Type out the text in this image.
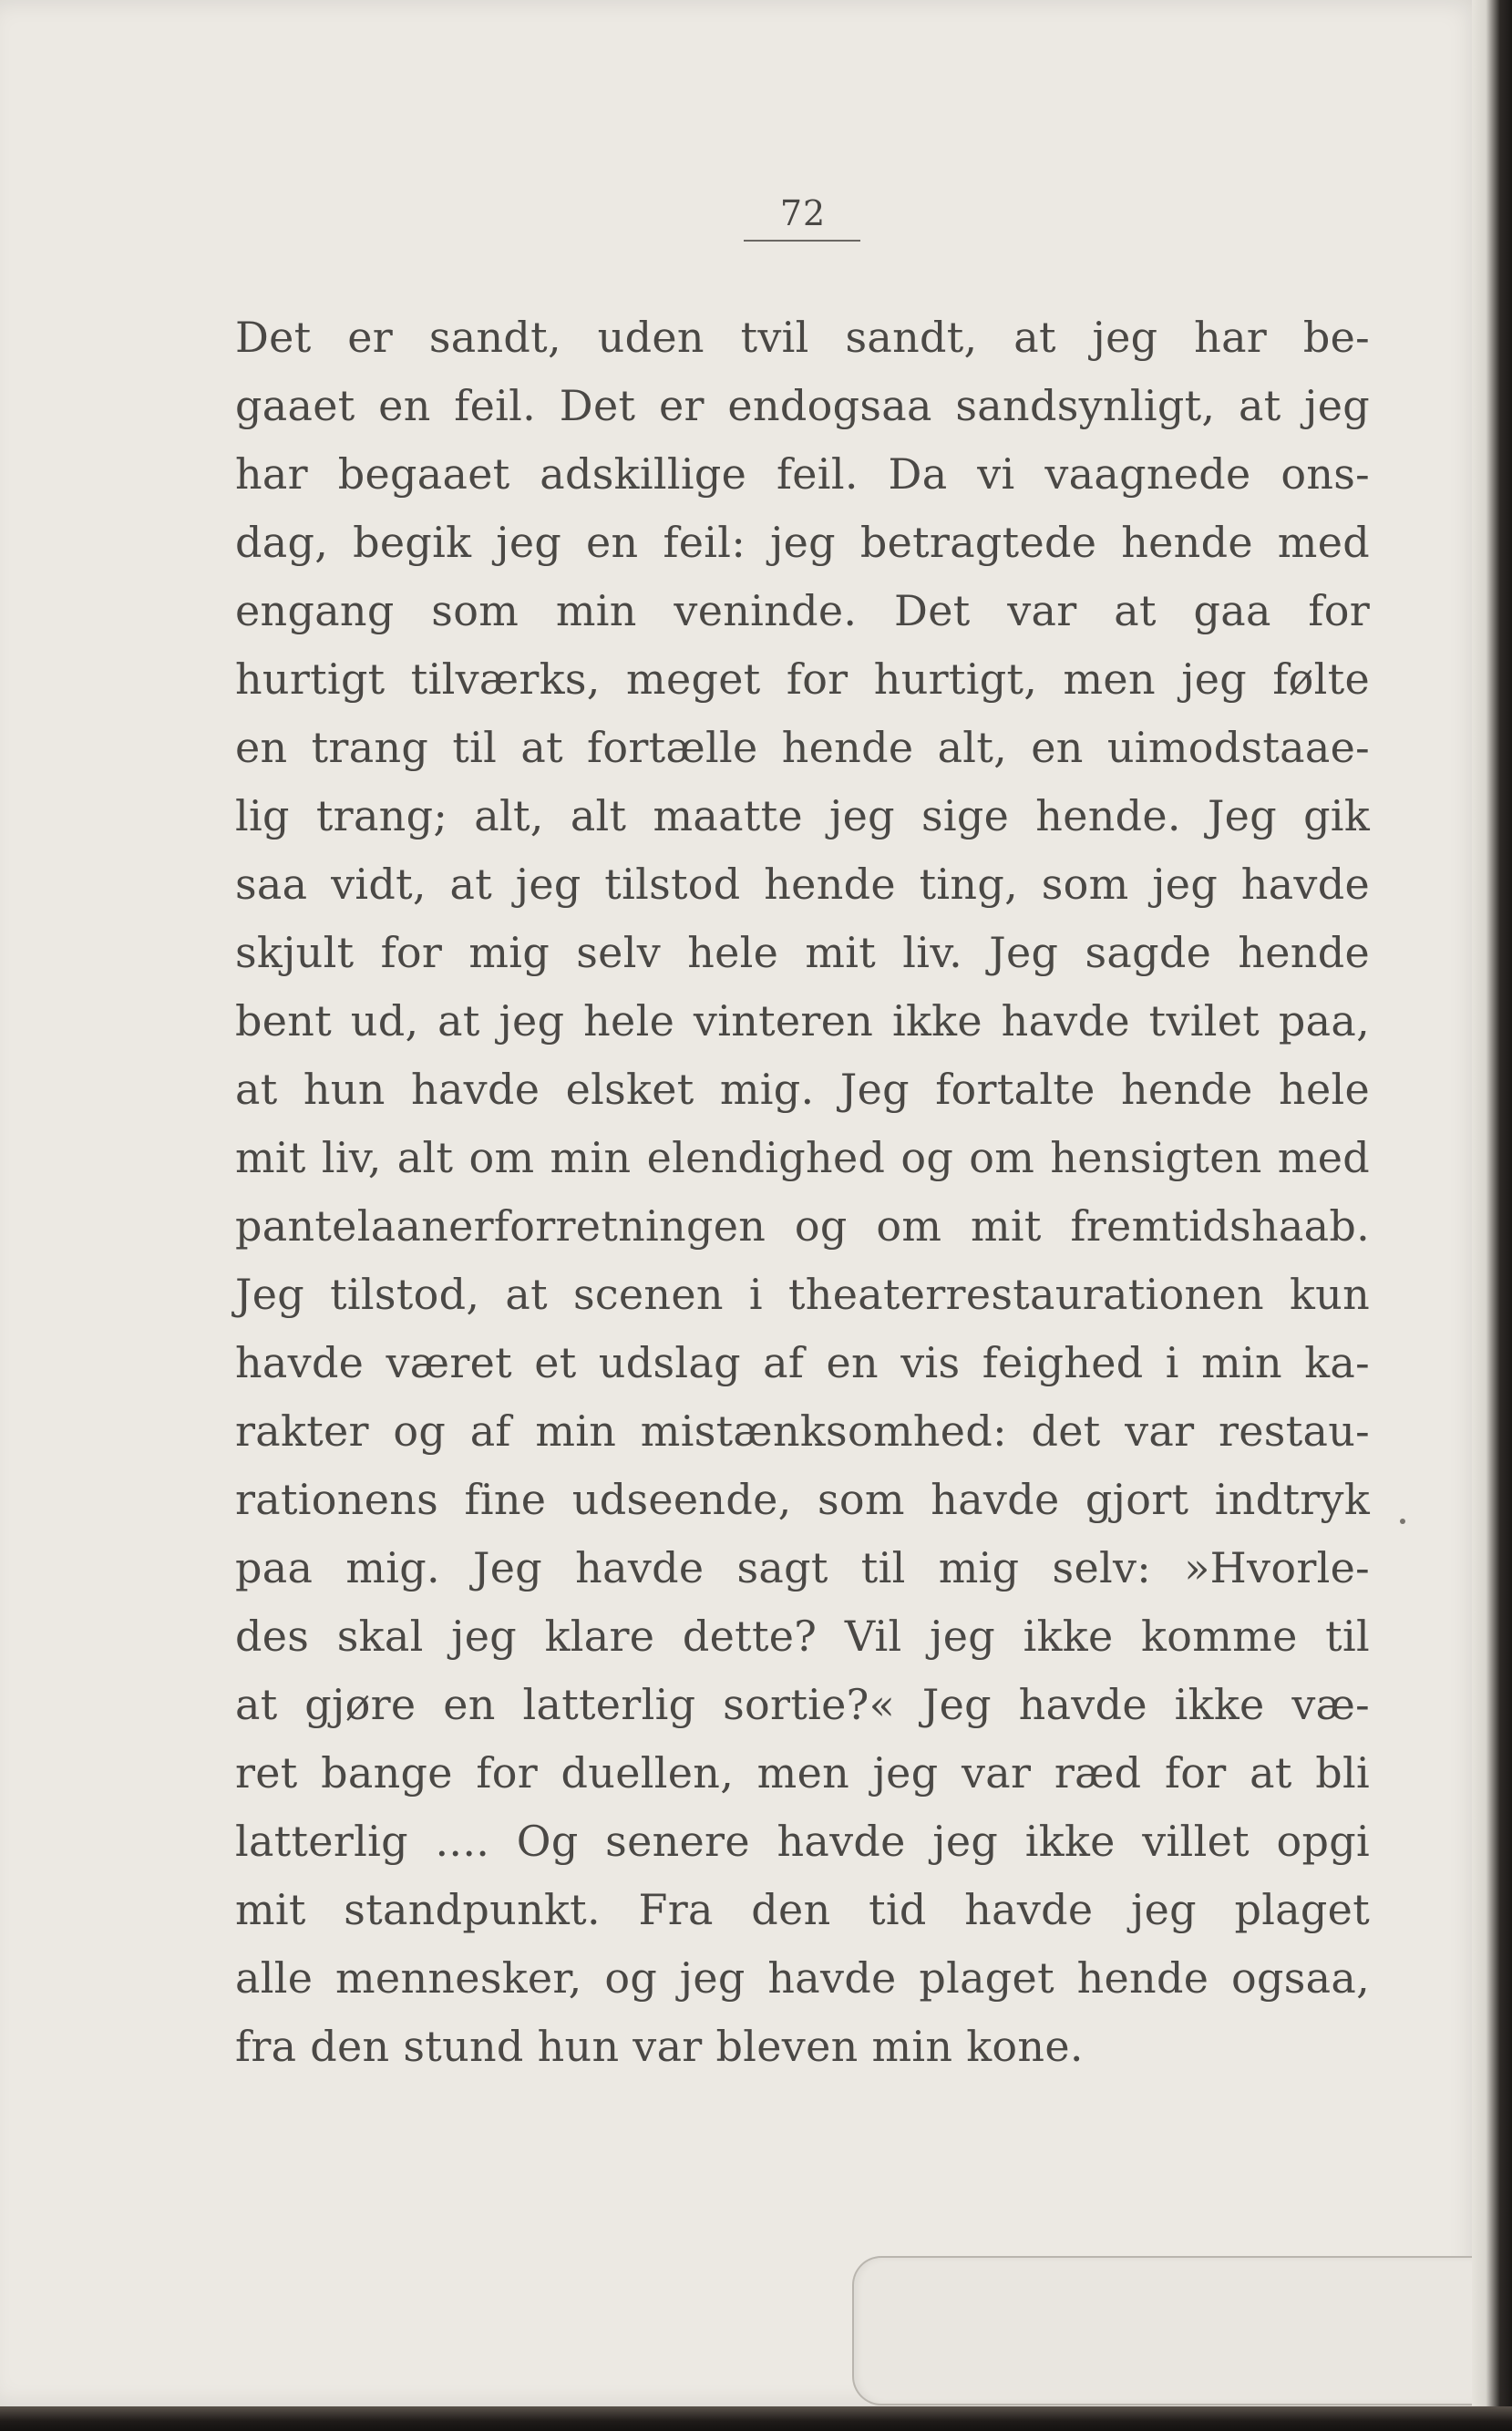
72
Det er sandt, uden tvil sandt, at jeg har be-
gaaet en feil. Det er endogsaa sandsynligt, at jeg
har begaaet adskillige feil. Da vi vaagnede ons-
dag, begik jeg en feil: jeg betragtede hende med
engang som min veninde. Det var at gaa for
hurtigt tilværks, meget for hurtigt, men jeg følte
en trang til at fortælle hende alt, en uimodstaae-
lig trang; alt, alt maatte jeg sige hende. Jeg gik
saa vidt, at jeg tilstod hende ting, som jeg havde
skjult for mig selv hele mit liv. Jeg sagde hende
bent ud, at jeg hele vinteren ikke havde tvilet paa,
at hun havde elsket mig. Jeg fortalte hende hele
mit liv, alt om min elendighed og om hensigten med
pantelaanerforretningen og om mit fremtidshaab.
Jeg tilstod, at scenen i theaterrestaurationen kun
havde været et udslag af en vis feighed i min ka-
rakter og af min mistænksomhed: det var restau-
rationens fine udseende, som havde gjort indtryk
paa mig. Jeg havde sagt til mig selv: »Hvorle-
des skal jeg klare dette? Vil jeg ikke komme til
at gjøre en latterlig sortie?« Jeg havde ikke væ-
ret bange for duellen, men jeg var ræd for at bli
latterlig .... Og senere havde jeg ikke villet opgi
mit standpunkt. Fra den tid havde jeg plaget
alle mennesker, og jeg havde plaget hende ogsaa,
fra den stund hun var bleven min kone.
